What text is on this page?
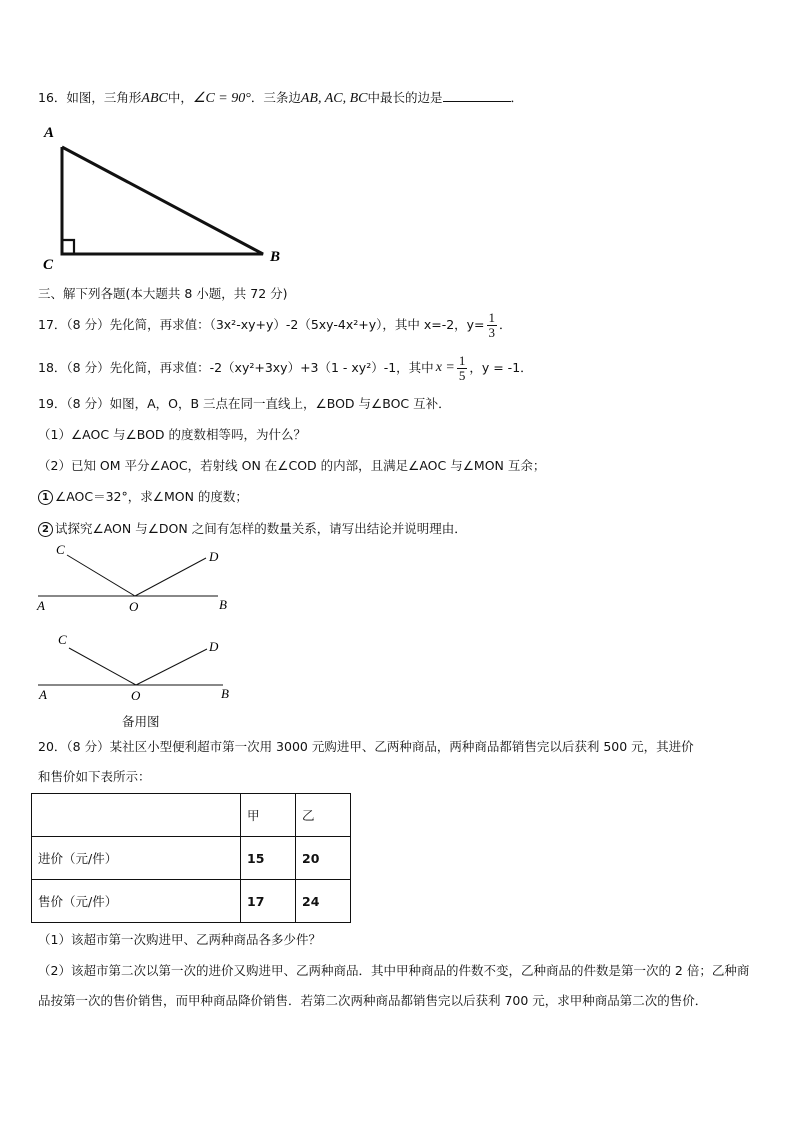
16．如图，三角形ABC中，∠C = 90°．三条边AB, AC, BC中最长的边是	．
A
C	B
三、解下列各题(本大题共 8 小题，共 72 分)
17．（8 分）先化简，再求值：（3x²-xy+y）-2（5xy-4x²+y），其中 x=-2，$y= \frac{1}{3}$ ．
18．（8 分）先化简，再求值：-2（xy²+3xy）+3（1 - xy²）-1，其中 $x = \frac{1}{5}$ ，y = -1．
19．（8 分）如图，A，O，B 三点在同一直线上，∠BOD 与∠BOC 互补．
（1）∠AOC 与∠BOD 的度数相等吗，为什么？
（2）已知 OM 平分∠AOC，若射线 ON 在∠COD 的内部，且满足∠AOC 与∠MON 互余；
1 ∠AOC＝32°，求∠MON 的度数；
2 试探究∠AON 与∠DON 之间有怎样的数量关系，请写出结论并说明理由．
C	D
A	O	B
C	D
A	O	B
备用图
20．（8 分）某社区小型便利超市第一次用 3000 元购进甲、乙两种商品，两种商品都销售完以后获利 500 元，其进价
和售价如下表所示：
	甲	乙
进价（元/件）	15	20
售价（元/件）	17	24
（1）该超市第一次购进甲、乙两种商品各多少件？
（2）该超市第二次以第一次的进价又购进甲、乙两种商品．其中甲种商品的件数不变，乙种商品的件数是第一次的 2 倍；乙种商品按第一次的售价销售，而甲种商品降价销售．若第二次两种商品都销售完以后获利 700 元，求甲种商品第二次的售价．
